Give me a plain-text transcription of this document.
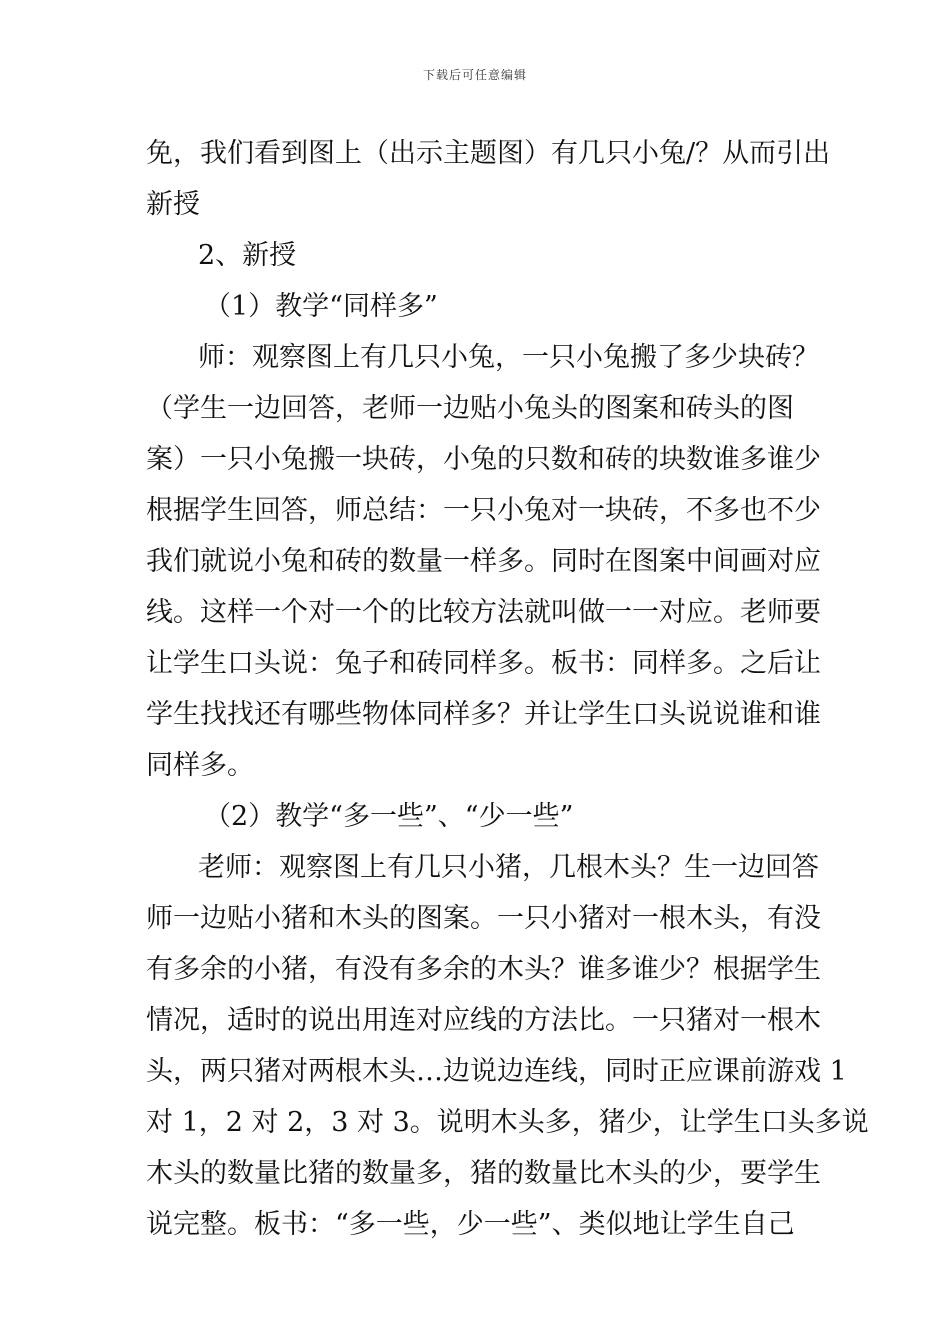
下载后可任意编辑
免，我们看到图上（出示主题图）有几只小兔/？从而引出
新授
2、新授
（1）教学“同样多”
师：观察图上有几只小兔，一只小兔搬了多少块砖？
（学生一边回答，老师一边贴小兔头的图案和砖头的图
案）一只小兔搬一块砖，小兔的只数和砖的块数谁多谁少
根据学生回答，师总结：一只小兔对一块砖，不多也不少
我们就说小兔和砖的数量一样多。同时在图案中间画对应
线。这样一个对一个的比较方法就叫做一一对应。老师要
让学生口头说：兔子和砖同样多。板书：同样多。之后让
学生找找还有哪些物体同样多？并让学生口头说说谁和谁
同样多。
（2）教学“多一些”、“少一些”
老师：观察图上有几只小猪，几根木头？生一边回答
师一边贴小猪和木头的图案。一只小猪对一根木头，有没
有多余的小猪，有没有多余的木头？谁多谁少？根据学生
情况，适时的说出用连对应线的方法比。一只猪对一根木
头，两只猪对两根木头…边说边连线，同时正应课前游戏 1
对 1，2 对 2，3 对 3。说明木头多，猪少，让学生口头多说
木头的数量比猪的数量多，猪的数量比木头的少，要学生
说完整。板书：“多一些，少一些”、类似地让学生自己
